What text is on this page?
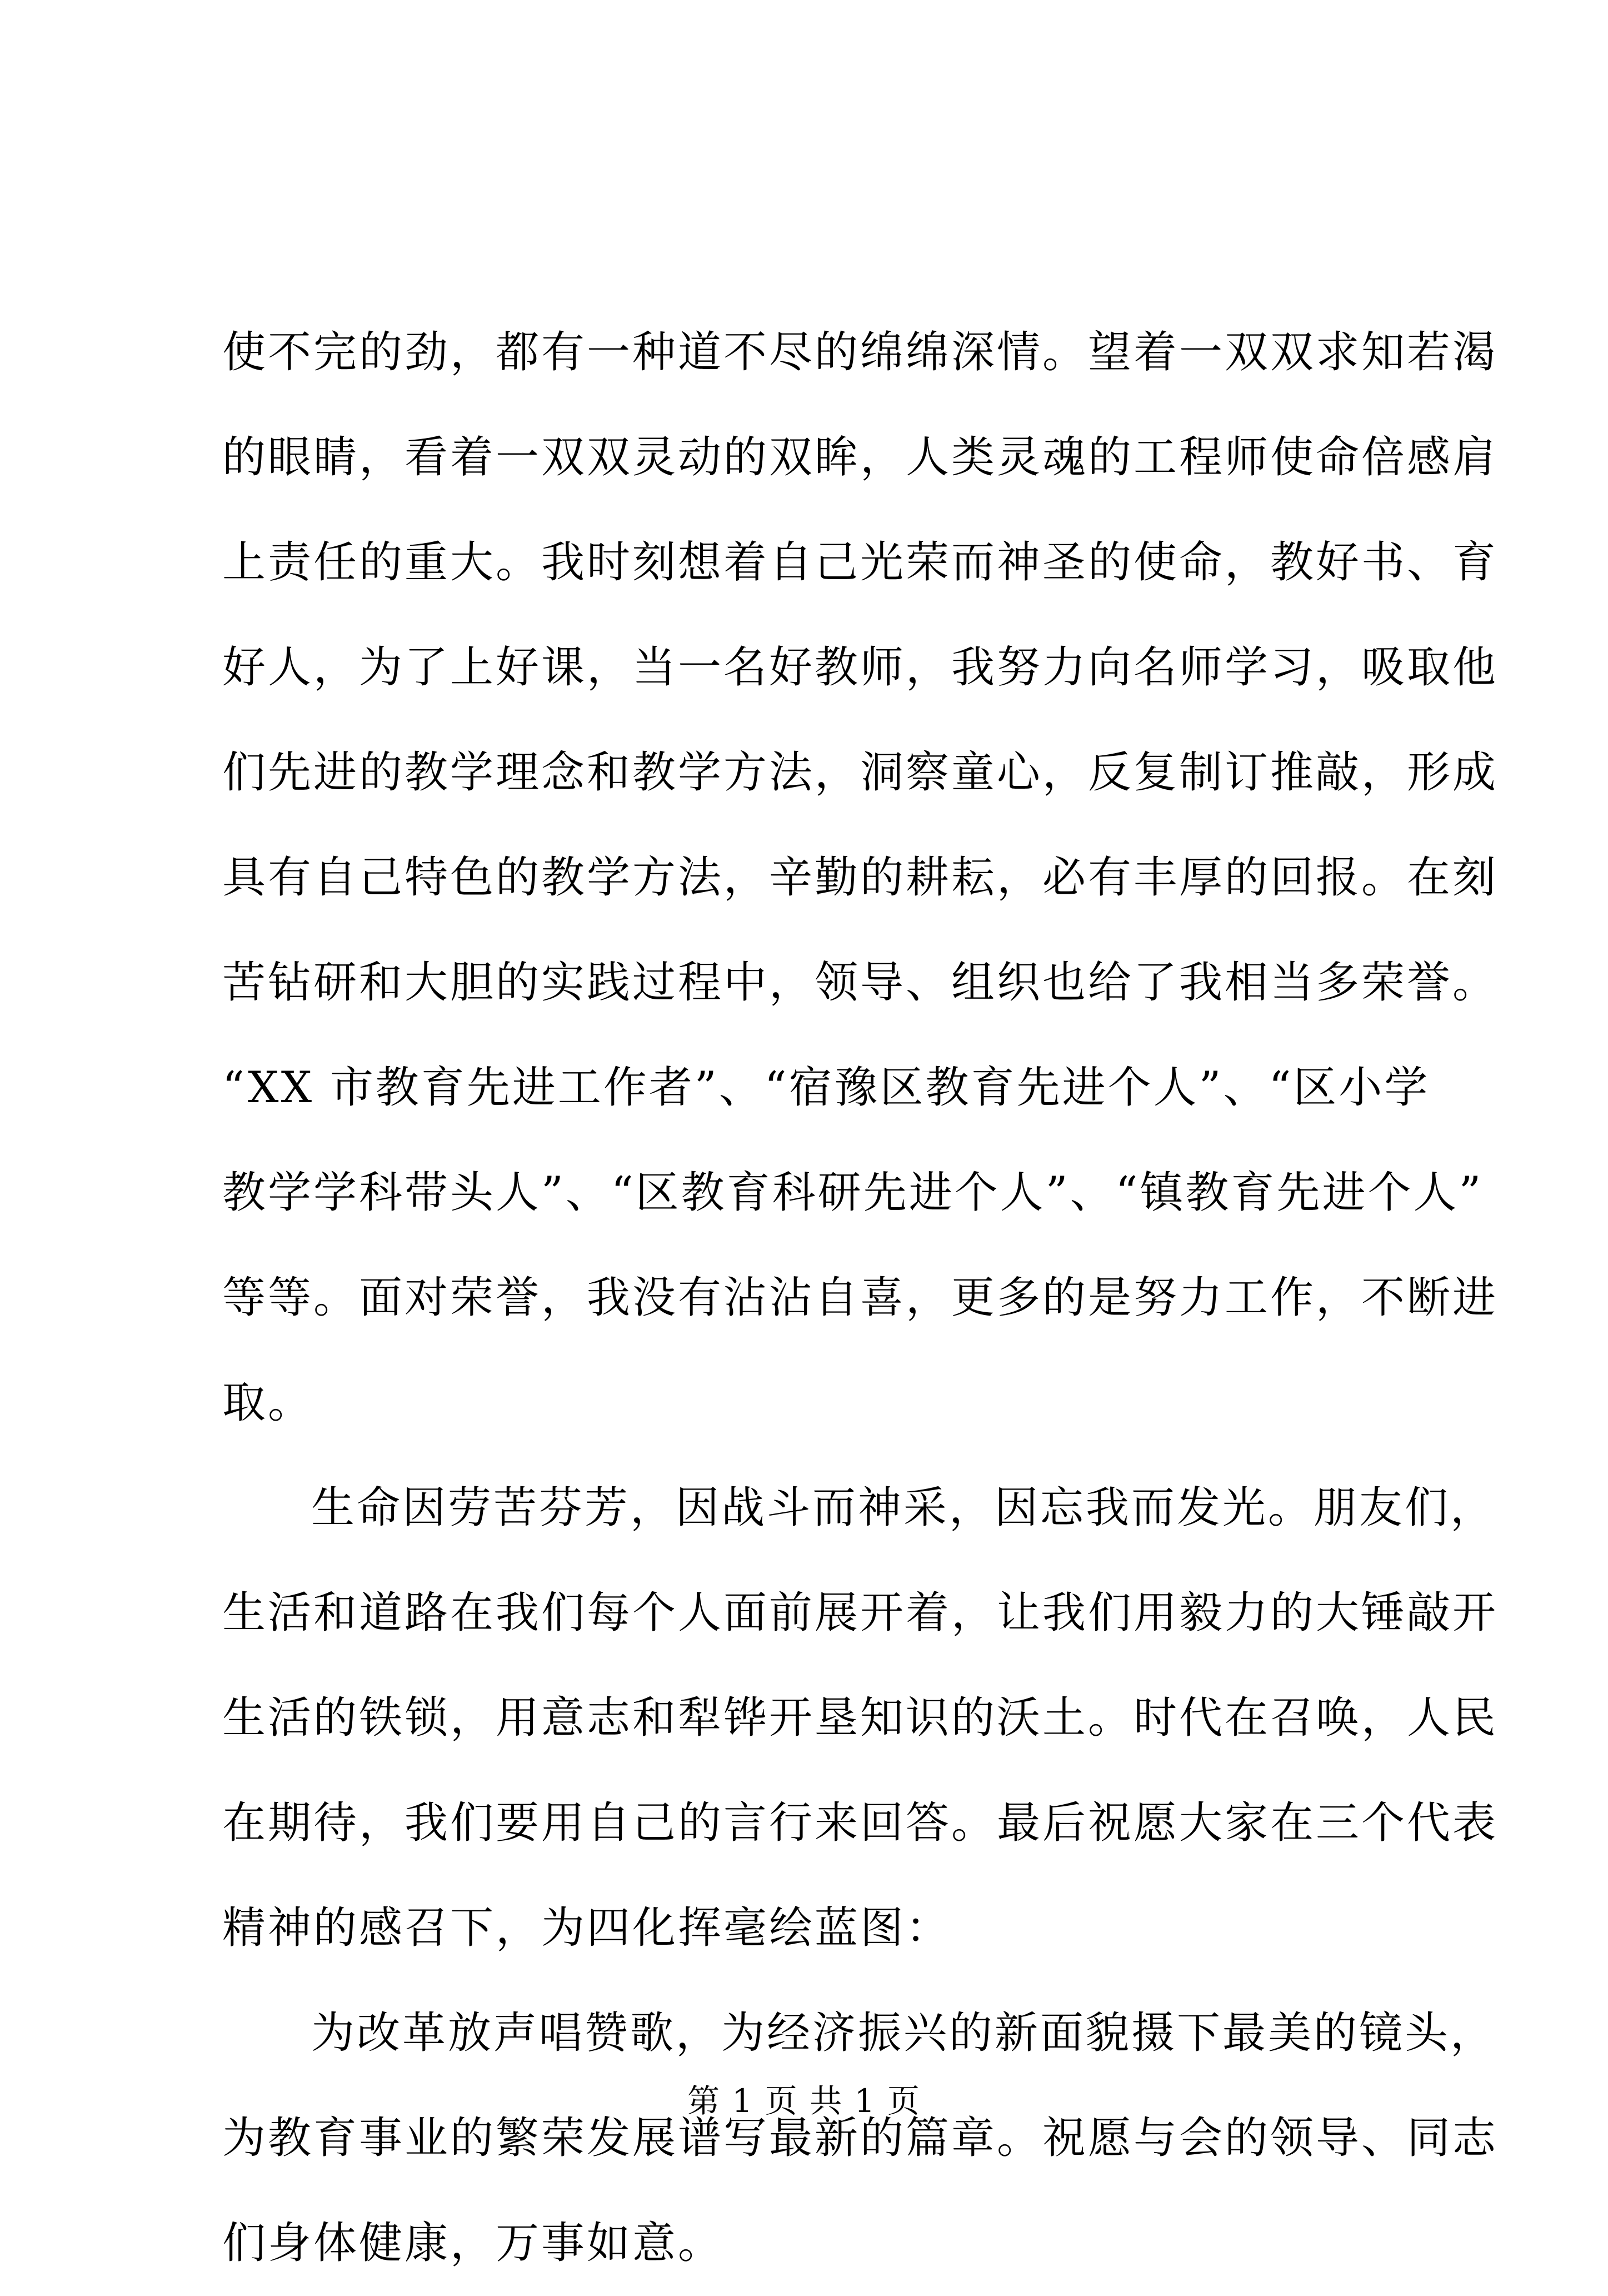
使不完的劲，都有一种道不尽的绵绵深情。望着一双双求知若渴
的眼睛，看着一双双灵动的双眸，人类灵魂的工程师使命倍感肩
上责任的重大。我时刻想着自己光荣而神圣的使命，教好书、育
好人，为了上好课，当一名好教师，我努力向名师学习，吸取他
们先进的教学理念和教学方法，洞察童心，反复制订推敲，形成
具有自己特色的教学方法，辛勤的耕耘，必有丰厚的回报。在刻
苦钻研和大胆的实践过程中，领导、组织也给了我相当多荣誉。
“XX 市教育先进工作者”、“宿豫区教育先进个人”、“区小学
教学学科带头人”、“区教育科研先进个人”、“镇教育先进个人”
等等。面对荣誉，我没有沾沾自喜，更多的是努力工作，不断进
取。
生命因劳苦芬芳，因战斗而神采，因忘我而发光。朋友们，
生活和道路在我们每个人面前展开着，让我们用毅力的大锤敲开
生活的铁锁，用意志和犁铧开垦知识的沃土。时代在召唤，人民
在期待，我们要用自己的言行来回答。最后祝愿大家在三个代表
精神的感召下，为四化挥毫绘蓝图：
为改革放声唱赞歌，为经济振兴的新面貌摄下最美的镜头，
为教育事业的繁荣发展谱写最新的篇章。祝愿与会的领导、同志
们身体健康，万事如意。
第 1 页 共 1 页
